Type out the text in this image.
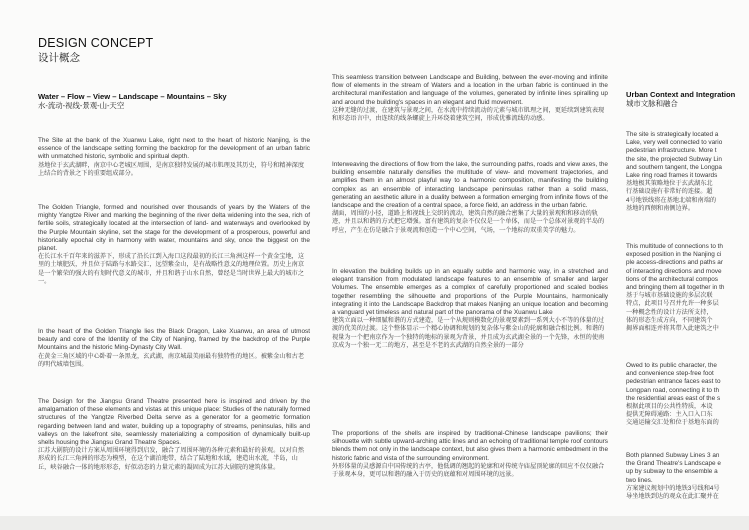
DESIGN CONCEPT
设计概念
Water – Flow – View – Landscape – Mountains – Sky
水-流动-视线-景观-山-天空

The Site at the bank of the Xuanwu Lake, right next to the heart of historic Nanjing, is the essence of the landscape setting forming the backdrop for the development of an urban fabric with unmatched historic, symbolic and spiritual depth.

基地位于玄武湖畔，南京中心老城区周围，是南京独特发展的城市肌理及其历史，符号和精神深度上结合的背景之下的重要组成部分。

The Golden Triangle, formed and nourished over thousands of years by the Waters of the mighty Yangtze River and marking the beginning of the river delta widening into the sea, rich of fertile soils, strategically located at the intersection of land- and waterways and overlooked by the Purple Mountain skyline, set the stage for the development of a prosperous, powerful and historically epochal city in harmony with water, mountains and sky, once the biggest on the planet.

在长江水千百年来的滋养下，形成了沿长江到入海口这段最初的长江三角洲这样一个黄金宝地，这里的土壤肥沃，并且位于陆路与水路交汇，远望紫金山，是有战略性意义的地理位置。历史上南京是一个繁荣的强大的有划时代意义的城市，并且和谐于山水自然，曾经是当时世界上最大的城市之一。

In the heart of the Golden Triangle lies the Black Dragon, Lake Xuanwu, an area of utmost beauty and core of the Identity of the City of Nanjing, framed by the backdrop of the Purple Mountains and the historic Ming-Dynasty City Wall.

在黄金三角区域的中心卧着一条黑龙，玄武湖，南京城最美丽最有独特性的地区。被紫金山和古老的明代城墙包围。

The Design for the Jiangsu Grand Theatre presented here is inspired and driven by the amalgamation of these elements and vistas at this unique place: Studies of the naturally formed structures of the Yangtze Riverbed Delta serve as a generator for a geometric formation regarding between land and water, building up a topography of streams, peninsulas, hills and valleys on the lakefront site, seamlessly materializing a composition of dynamically built-up shells housing the Jiangsu Grand Theatre Spaces.

江苏大剧院的设计方案从周围环境得到启发，融合了周围环境的各种元素和最好的景观。以对自然形成的长江三角洲的形态为模型，在这个湖泊地带，结合了陆地和水域，建造出水流，半岛，山丘，峡谷融合一体的地形形态，好似动态的力量元素的凝固成为江苏大剧院的建筑体量。

This seamless transition between Landscape and Building, between the ever-moving and infinite flow of elements in the stream of Waters and a location in the urban fabric is continued in the architectural manifestation and language of the volumes, generated by infinite lines spiralling up and around the building's spaces in an elegant and fluid movement.

这种无缝的过渡，在建筑与景观之间，在水流中持续流动的元素与城市肌理之间，更延续到建筑表现和形态语言中，由连续的线条螺旋上升环绕着建筑空间，形成优雅流线的动感。

Interweaving the directions of flow from the lake, the surrounding paths, roads and view axes, the building ensemble naturally densifies the multitude of view- and movement trajectories, and amplifies them in an almost playful way to a harmonic composition, manifesting the building complex as an ensemble of interacting landscape peninsulas rather than a solid mass, generating an aesthetic allure in a duality between a formation emerging from infinite flows of the landscape and the creation of a central space, a force field, an address in the urban fabric.

湖面，周围的小径，道路上和视线上交织的流动，建筑自然的融合密集了大量的景观和和移动的轨迹，并且以和谐的方式把它增强。富有建筑的复杂不仅仅是一个单体，而是一个总体对景观的半岛的呼应，产生在仿是融合于景观流和创造一个中心空间，气场，一个地标的双重美学的魅力。

In elevation the building builds up in an equally subtle and harmonic way, in a stretched and elegant transition from modulated landscape features to an ensemble of smaller and larger Volumes. The ensemble emerges as a complex of carefully proportioned and scaled bodies together resembling the silhouette and proportions of the Purple Mountains, harmonically integrating it into the Landscape Backdrop that makes Nanjing an unique location and becoming a vanguard yet timeless and natural part of the panorama of the Xuanwu Lake

建筑立面以一种细腻和谐的方式建造，是一个从规则模数化的景观要素到一系列大小不等的体量的过渡的优美的过渡。这个整体显示一个精心协调和规划的复杂体与紫金山的轮廓和融合相比例。和谐的 视量为一个把南京作为一个独特的地标的景观为背景，并且成为玄武湖全景的一个先锋，永恒的使南京成为一个独一无二的地方，甚至是不老的玄武湖的自然全景的一部分

The proportions of the shells are inspired by traditional-Chinese landscape pavilions; their silhouette with subtle upward-arching attic lines and an echoing of traditional temple roof contours blends them not only in the landscape context, but also gives them a harmonic embedment in the historic fabric and vista of the surrounding environment.

外形体量的灵感源自中国传统的古亭，他低调的翘起的轮廓和对传统寺庙屋顶轮廓的回应不仅仅融合于景观本身，更可以和谐的融入于历史的底蕴和对周围环境的远景。

Urban Context and Integration
城市文脉和融合

The site is strategically located a

Lake, very well connected to vario

pedestrian infrastructure. More t

the site, the projected Subway Lin

and southern tangent, the Longpa

Lake ring road frames it towards

基地极其策略地位于玄武湖东北

行基础设施有非常好的连接。超

4号地铁线将在基地北端和南端的

基地的西侧和南侧边界。

This multitude of connections to th

exposed position in the Nanjing ci

ple access-directions and paths ar

of interacting directions and move

tions of the architectural compos

and bringing them all together in th

基于与城市基础设施的多层次联

特点，此项目号召并允许一种多层

一种概念性的设计方法所支持，

体的形态生成方向，不同建筑个

揭界面相连并将其带入此建筑之中

Owed to its public character, the

and convenience step-free foot

pedestrian entrance faces east to

Longpan road, connecting it to th

the residential areas east of the s

根据此项目的公共性特质，本设

提供无障碍通路：主入口入口东

交通运输交汇处和位于基地东面的

Both planned Subway Lines 3 an

the Grand Theatre's Landscape e

up by subway to the ensemble a

two lines.

方案建议规划中的地铁3号线和4号

导坐地铁到达的观众在此汇聚并在
